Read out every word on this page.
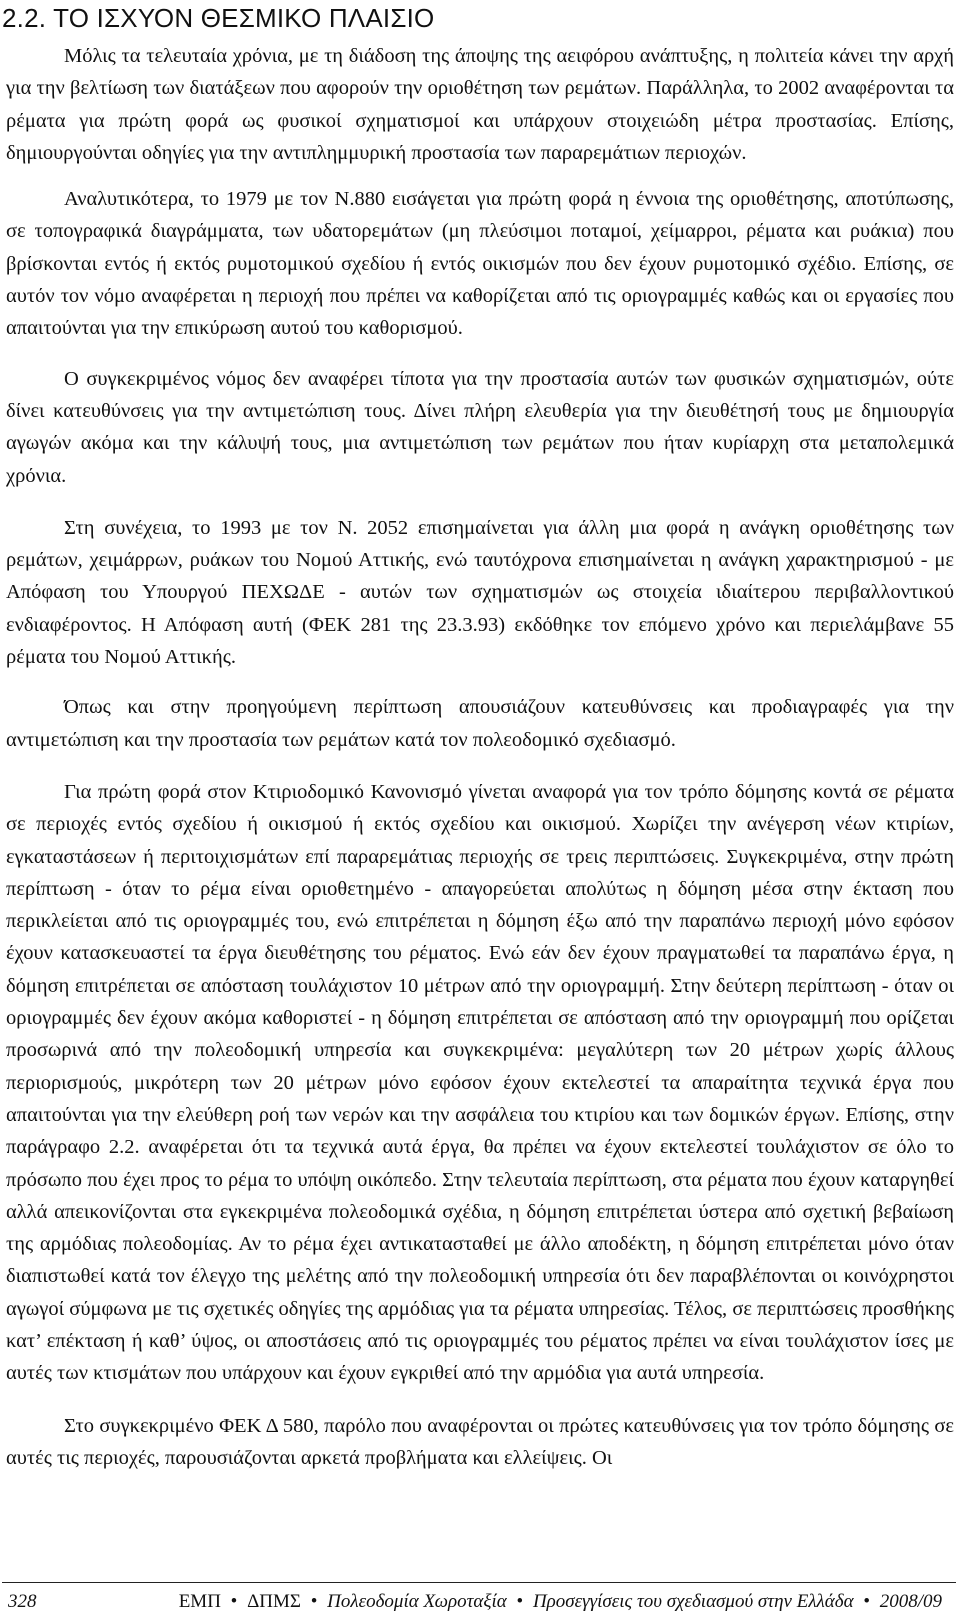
2.2. ΤΟ ΙΣΧΥΟΝ ΘΕΣΜΙΚΟ ΠΛΑΙΣΙΟ

Μόλις τα τελευταία χρόνια, με τη διάδοση της άποψης της αειφόρου ανάπτυξης, η πολιτεία κάνει την αρχή για την βελτίωση των διατάξεων που αφορούν την οριοθέτηση των ρεμάτων. Παράλληλα, το 2002 αναφέρονται τα ρέματα για πρώτη φορά ως φυσικοί σχηματισμοί και υπάρχουν στοιχειώδη μέτρα προστασίας. Επίσης, δημιουργούνται οδηγίες για την αντιπλημμυρική προστασία των παραρεμάτιων περιοχών.

Αναλυτικότερα, το 1979 με τον Ν.880 εισάγεται για πρώτη φορά η έννοια της οριοθέτησης, αποτύπωσης, σε τοπογραφικά διαγράμματα, των υδατορεμάτων (μη πλεύσιμοι ποταμοί, χείμαρροι, ρέματα και ρυάκια) που βρίσκονται εντός ή εκτός ρυμοτομικού σχεδίου ή εντός οικισμών που δεν έχουν ρυμοτομικό σχέδιο. Επίσης, σε αυτόν τον νόμο αναφέρεται η περιοχή που πρέπει να καθορίζεται από τις οριογραμμές καθώς και οι εργασίες που απαιτούνται για την επικύρωση αυτού του καθορισμού.

Ο συγκεκριμένος νόμος δεν αναφέρει τίποτα για την προστασία αυτών των φυσικών σχηματισμών, ούτε δίνει κατευθύνσεις για την αντιμετώπιση τους. Δίνει πλήρη ελευθερία για την διευθέτησή τους με δημιουργία αγωγών ακόμα και την κάλυψή τους, μια αντιμετώπιση των ρεμάτων που ήταν κυρίαρχη στα μεταπολεμικά χρόνια.

Στη συνέχεια, το 1993 με τον Ν. 2052 επισημαίνεται για άλλη μια φορά η ανάγκη οριοθέτησης των ρεμάτων, χειμάρρων, ρυάκων του Νομού Αττικής, ενώ ταυτόχρονα επισημαίνεται η ανάγκη χαρακτηρισμού - με Απόφαση του Υπουργού ΠΕΧΩΔΕ - αυτών των σχηματισμών ως στοιχεία ιδιαίτερου περιβαλλοντικού ενδιαφέροντος. Η Απόφαση αυτή (ΦΕΚ 281 της 23.3.93) εκδόθηκε τον επόμενο χρόνο και περιελάμβανε 55 ρέματα του Νομού Αττικής.

Όπως και στην προηγούμενη περίπτωση απουσιάζουν κατευθύνσεις και προδιαγραφές για την αντιμετώπιση και την προστασία των ρεμάτων κατά τον πολεοδομικό σχεδιασμό.

Για πρώτη φορά στον Κτιριοδομικό Κανονισμό γίνεται αναφορά για τον τρόπο δόμησης κοντά σε ρέματα σε περιοχές εντός σχεδίου ή οικισμού ή εκτός σχεδίου και οικισμού. Χωρίζει την ανέγερση νέων κτιρίων, εγκαταστάσεων ή περιτοιχισμάτων επί παραρεμάτιας περιοχής σε τρεις περιπτώσεις. Συγκεκριμένα, στην πρώτη περίπτωση - όταν το ρέμα είναι οριοθετημένο - απαγορεύεται απολύτως η δόμηση μέσα στην έκταση που περικλείεται από τις οριογραμμές του, ενώ επιτρέπεται η δόμηση έξω από την παραπάνω περιοχή μόνο εφόσον έχουν κατασκευαστεί τα έργα διευθέτησης του ρέματος. Ενώ εάν δεν έχουν πραγματωθεί τα παραπάνω έργα, η δόμηση επιτρέπεται σε απόσταση τουλάχιστον 10 μέτρων από την οριογραμμή. Στην δεύτερη περίπτωση - όταν οι οριογραμμές δεν έχουν ακόμα καθοριστεί - η δόμηση επιτρέπεται σε απόσταση από την οριογραμμή που ορίζεται προσωρινά από την πολεοδομική υπηρεσία και συγκεκριμένα: μεγαλύτερη των 20 μέτρων χωρίς άλλους περιορισμούς, μικρότερη των 20 μέτρων μόνο εφόσον έχουν εκτελεστεί τα απαραίτητα τεχνικά έργα που απαιτούνται για την ελεύθερη ροή των νερών και την ασφάλεια του κτιρίου και των δομικών έργων. Επίσης, στην παράγραφο 2.2. αναφέρεται ότι τα τεχνικά αυτά έργα, θα πρέπει να έχουν εκτελεστεί τουλάχιστον σε όλο το πρόσωπο που έχει προς το ρέμα το υπόψη οικόπεδο. Στην τελευταία περίπτωση, στα ρέματα που έχουν καταργηθεί αλλά απεικονίζονται στα εγκεκριμένα πολεοδομικά σχέδια, η δόμηση επιτρέπεται ύστερα από σχετική βεβαίωση της αρμόδιας πολεοδομίας. Αν το ρέμα έχει αντικατασταθεί με άλλο αποδέκτη, η δόμηση επιτρέπεται μόνο όταν διαπιστωθεί κατά τον έλεγχο της μελέτης από την πολεοδομική υπηρεσία ότι δεν παραβλέπονται οι κοινόχρηστοι αγωγοί σύμφωνα με τις σχετικές οδηγίες της αρμόδιας για τα ρέματα υπηρεσίας. Τέλος, σε περιπτώσεις προσθήκης κατ’ επέκταση ή καθ’ ύψος, οι αποστάσεις από τις οριογραμμές του ρέματος πρέπει να είναι τουλάχιστον ίσες με αυτές των κτισμάτων που υπάρχουν και έχουν εγκριθεί από την αρμόδια για αυτά υπηρεσία.

Στο συγκεκριμένο ΦΕΚ Δ 580, παρόλο που αναφέρονται οι πρώτες κατευθύνσεις για τον τρόπο δόμησης σε αυτές τις περιοχές, παρουσιάζονται αρκετά προβλήματα και ελλείψεις. Οι

328	ΕΜΠ • ΔΠΜΣ • Πολεοδομία Χωροταξία • Προσεγγίσεις του σχεδιασμού στην Ελλάδα • 2008/09
